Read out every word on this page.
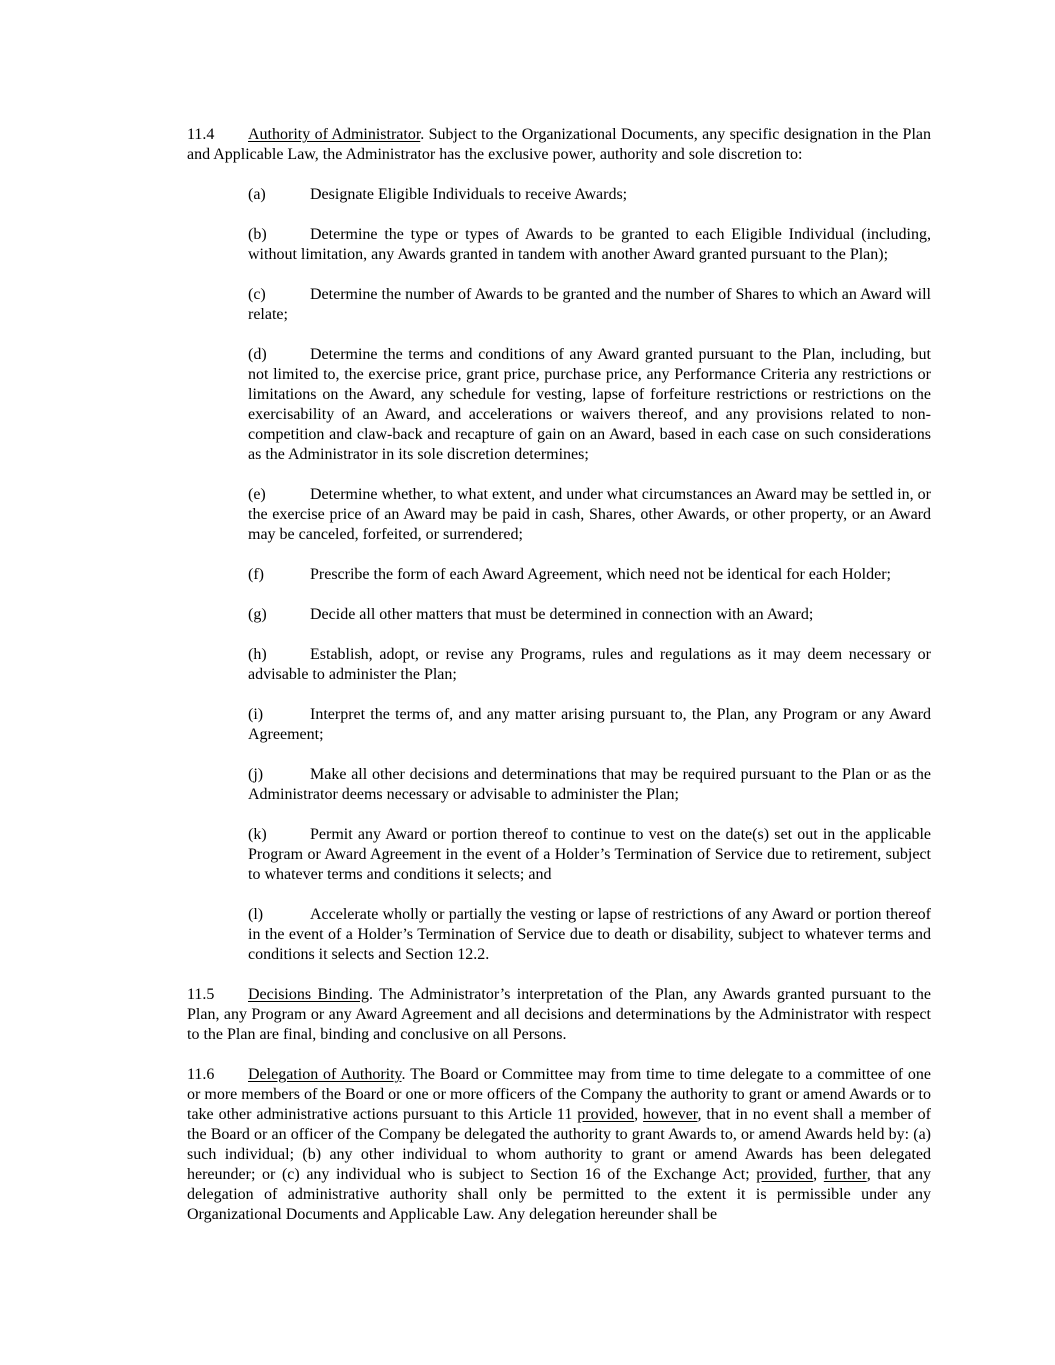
11.4 Authority of Administrator. Subject to the Organizational Documents, any specific designation in the Plan and Applicable Law, the Administrator has the exclusive power, authority and sole discretion to:

(a)	Designate Eligible Individuals to receive Awards;

(b)	Determine the type or types of Awards to be granted to each Eligible Individual (including, without limitation, any Awards granted in tandem with another Award granted pursuant to the Plan);

(c)	Determine the number of Awards to be granted and the number of Shares to which an Award will relate;

(d)	Determine the terms and conditions of any Award granted pursuant to the Plan, including, but not limited to, the exercise price, grant price, purchase price, any Performance Criteria any restrictions or limitations on the Award, any schedule for vesting, lapse of forfeiture restrictions or restrictions on the exercisability of an Award, and accelerations or waivers thereof, and any provisions related to non-competition and claw-back and recapture of gain on an Award, based in each case on such considerations as the Administrator in its sole discretion determines;

(e)	Determine whether, to what extent, and under what circumstances an Award may be settled in, or the exercise price of an Award may be paid in cash, Shares, other Awards, or other property, or an Award may be canceled, forfeited, or surrendered;

(f)	Prescribe the form of each Award Agreement, which need not be identical for each Holder;

(g)	Decide all other matters that must be determined in connection with an Award;

(h)	Establish, adopt, or revise any Programs, rules and regulations as it may deem necessary or advisable to administer the Plan;

(i)	Interpret the terms of, and any matter arising pursuant to, the Plan, any Program or any Award Agreement;

(j)	Make all other decisions and determinations that may be required pursuant to the Plan or as the Administrator deems necessary or advisable to administer the Plan;

(k)	Permit any Award or portion thereof to continue to vest on the date(s) set out in the applicable Program or Award Agreement in the event of a Holder’s Termination of Service due to retirement, subject to whatever terms and conditions it selects; and

(l)	Accelerate wholly or partially the vesting or lapse of restrictions of any Award or portion thereof in the event of a Holder’s Termination of Service due to death or disability, subject to whatever terms and conditions it selects and Section 12.2.

11.5 Decisions Binding. The Administrator’s interpretation of the Plan, any Awards granted pursuant to the Plan, any Program or any Award Agreement and all decisions and determinations by the Administrator with respect to the Plan are final, binding and conclusive on all Persons.

11.6 Delegation of Authority. The Board or Committee may from time to time delegate to a committee of one or more members of the Board or one or more officers of the Company the authority to grant or amend Awards or to take other administrative actions pursuant to this Article 11 provided, however, that in no event shall a member of the Board or an officer of the Company be delegated the authority to grant Awards to, or amend Awards held by: (a) such individual; (b) any other individual to whom authority to grant or amend Awards has been delegated hereunder; or (c) any individual who is subject to Section 16 of the Exchange Act; provided, further, that any delegation of administrative authority shall only be permitted to the extent it is permissible under any Organizational Documents and Applicable Law. Any delegation hereunder shall be
